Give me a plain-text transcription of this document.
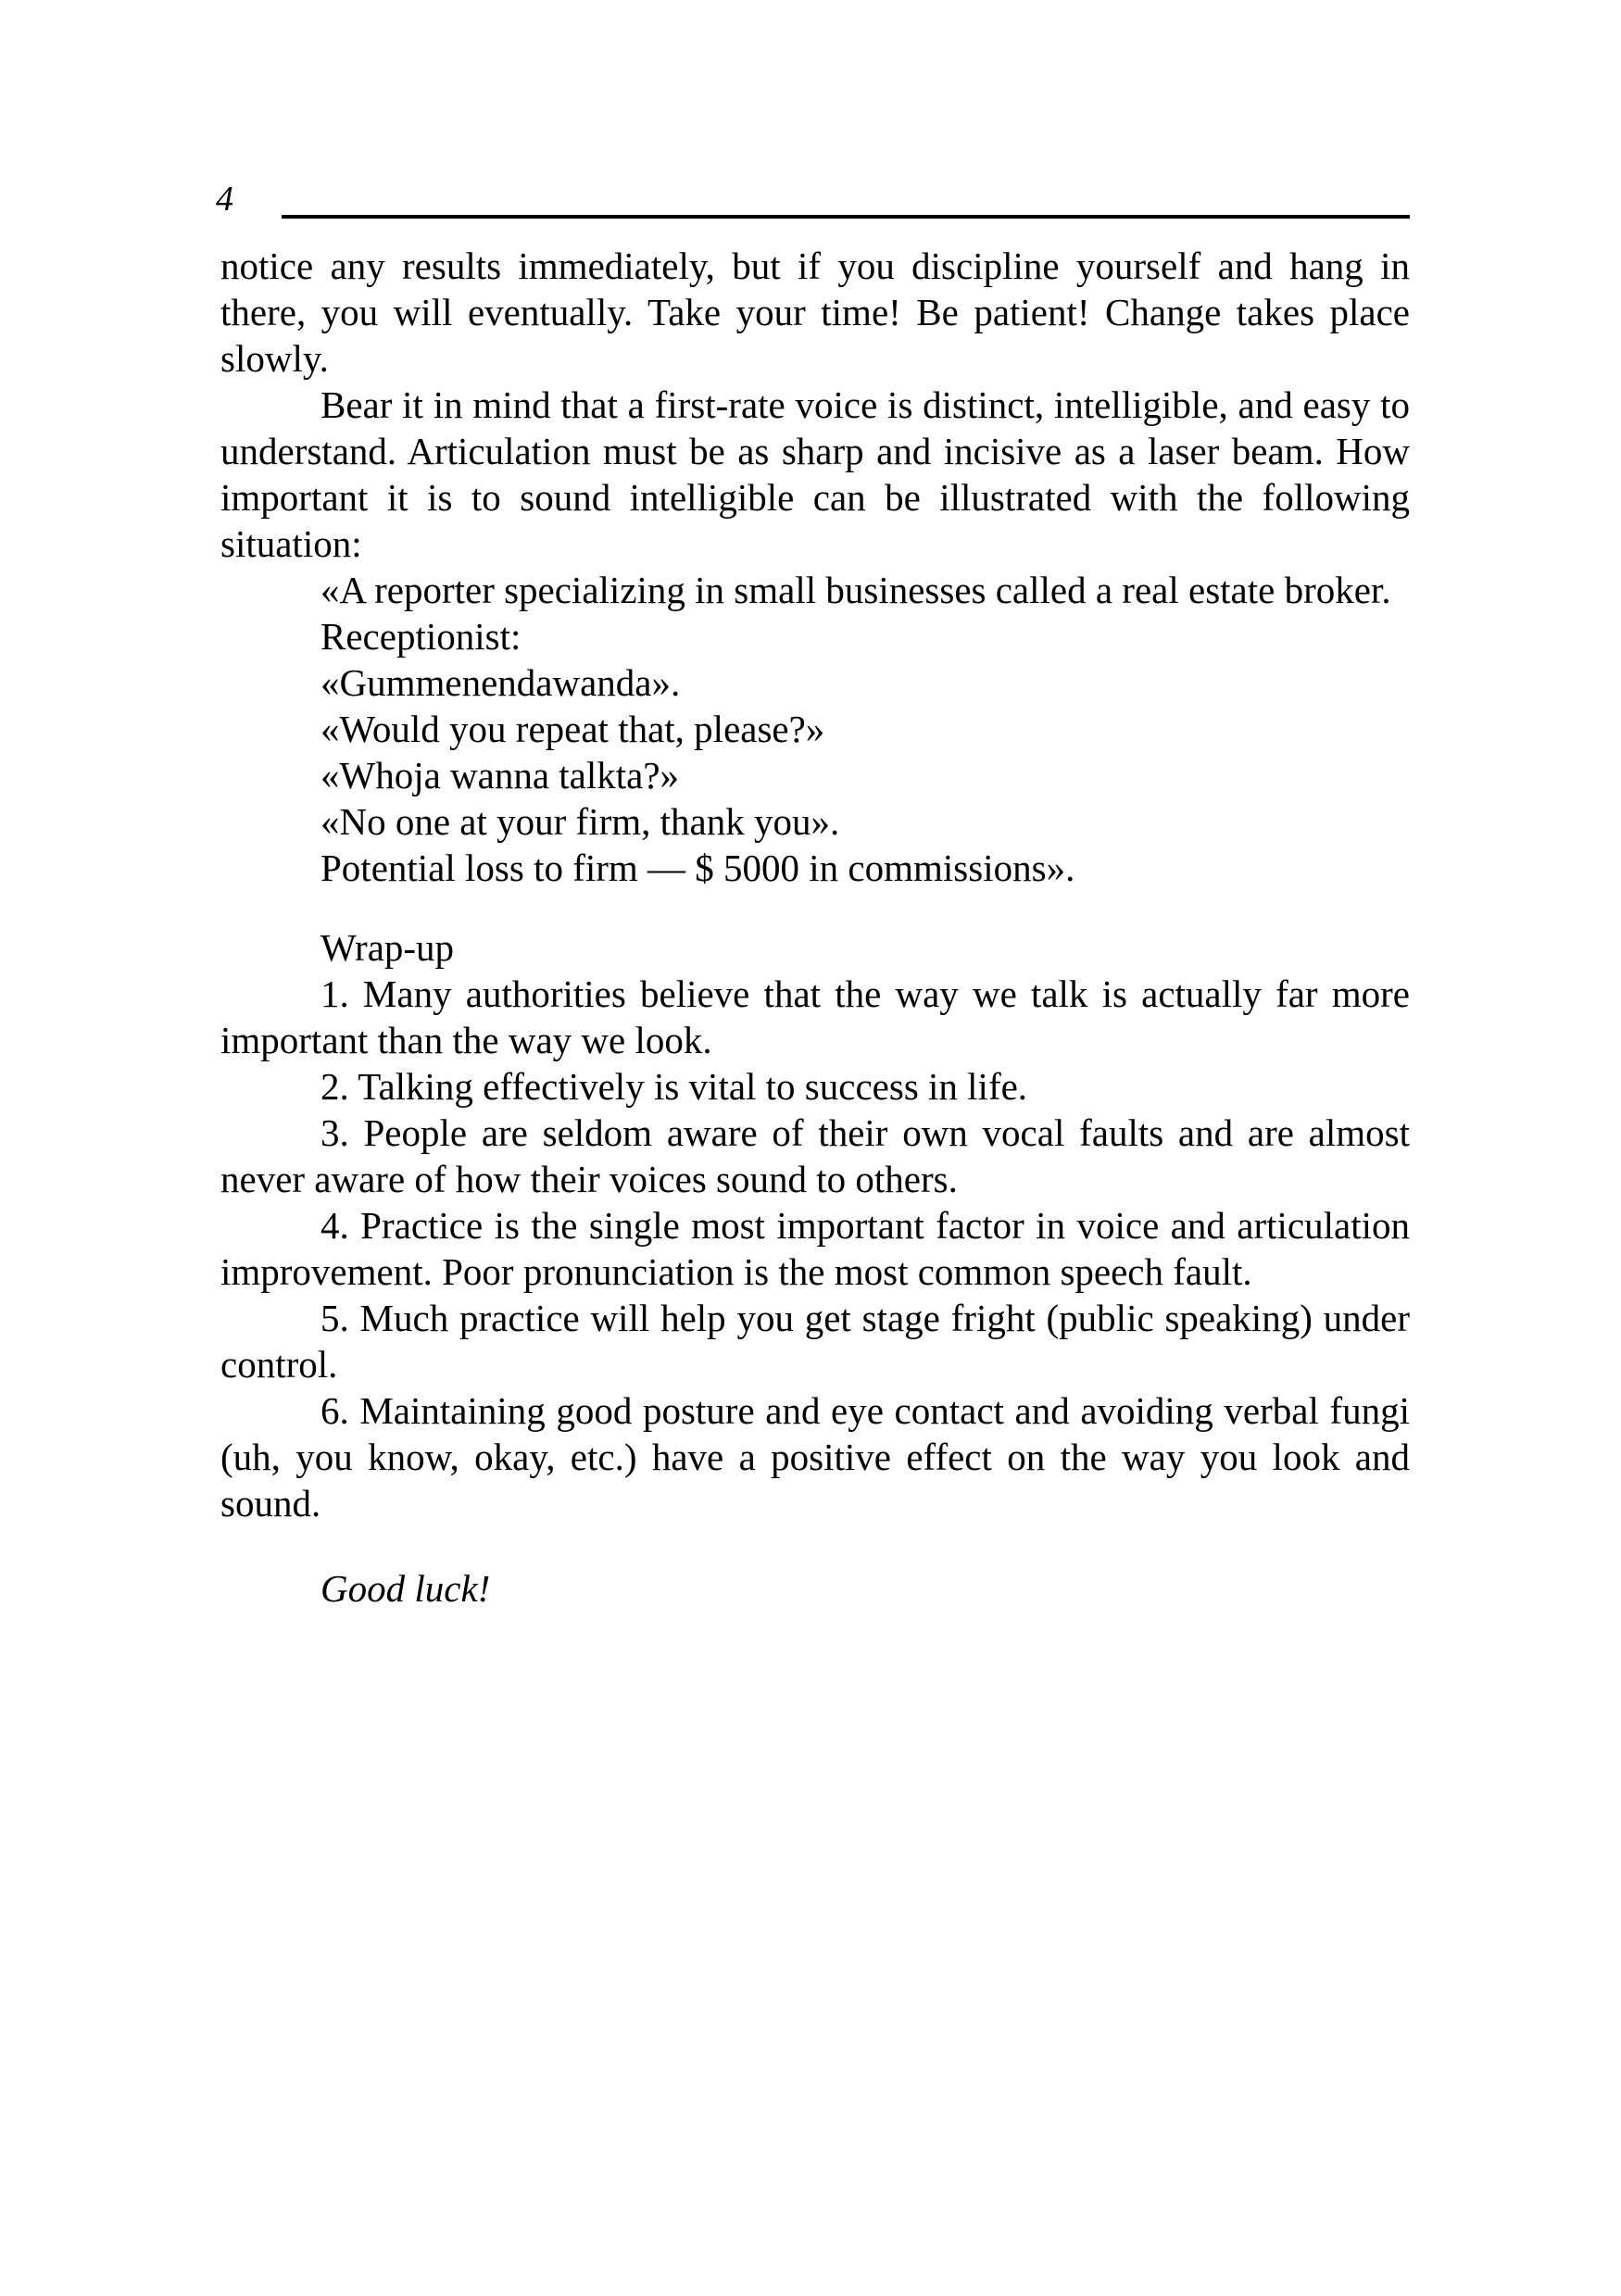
4

notice any results immediately, but if you discipline yourself and hang in there, you will eventually. Take your time! Be patient! Change takes place slowly.

Bear it in mind that a first-rate voice is distinct, intelligible, and easy to understand. Articulation must be as sharp and incisive as a laser beam. How important it is to sound intelligible can be illustrated with the following situation:

«A reporter specializing in small businesses called a real estate broker.

Receptionist:

«Gummenendawanda».

«Would you repeat that, please?»

«Whoja wanna talkta?»

«No one at your firm, thank you».

Potential loss to firm — $ 5000 in commissions».

Wrap-up

1. Many authorities believe that the way we talk is actually far more important than the way we look.

2. Talking effectively is vital to success in life.

3. People are seldom aware of their own vocal faults and are almost never aware of how their voices sound to others.

4. Practice is the single most important factor in voice and articulation improvement. Poor pronunciation is the most common speech fault.

5. Much practice will help you get stage fright (public speaking) under control.

6. Maintaining good posture and eye contact and avoiding verbal fungi (uh, you know, okay, etc.) have a positive effect on the way you look and sound.

Good luck!
